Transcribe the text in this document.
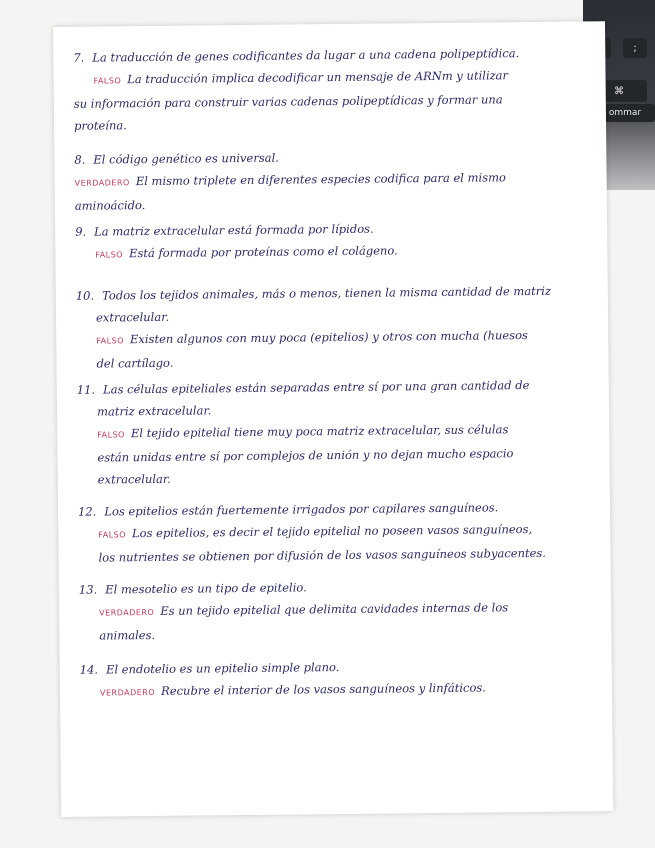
;
⌘
ommar
7. La traducción de genes codificantes da lugar a una cadena polipeptídica.
FALSO La traducción implica decodificar un mensaje de ARNm y utilizar
su información para construir varias cadenas polipeptídicas y formar una
proteína.
8. El código genético es universal.
VERDADERO El mismo triplete en diferentes especies codifica para el mismo
aminoácido.
9. La matriz extracelular está formada por lípidos.
FALSO Está formada por proteínas como el colágeno.
10. Todos los tejidos animales, más o menos, tienen la misma cantidad de matriz
extracelular.
FALSO Existen algunos con muy poca (epitelios) y otros con mucha (huesos
del cartílago.
11. Las células epiteliales están separadas entre sí por una gran cantidad de
matriz extracelular.
FALSO El tejido epitelial tiene muy poca matriz extracelular, sus células
están unidas entre sí por complejos de unión y no dejan mucho espacio
extracelular.
12. Los epitelios están fuertemente irrigados por capilares sanguíneos.
FALSO Los epitelios, es decir el tejido epitelial no poseen vasos sanguíneos,
los nutrientes se obtienen por difusión de los vasos sanguíneos subyacentes.
13. El mesotelio es un tipo de epitelio.
VERDADERO Es un tejido epitelial que delimita cavidades internas de los
animales.
14. El endotelio es un epitelio simple plano.
VERDADERO Recubre el interior de los vasos sanguíneos y linfáticos.
